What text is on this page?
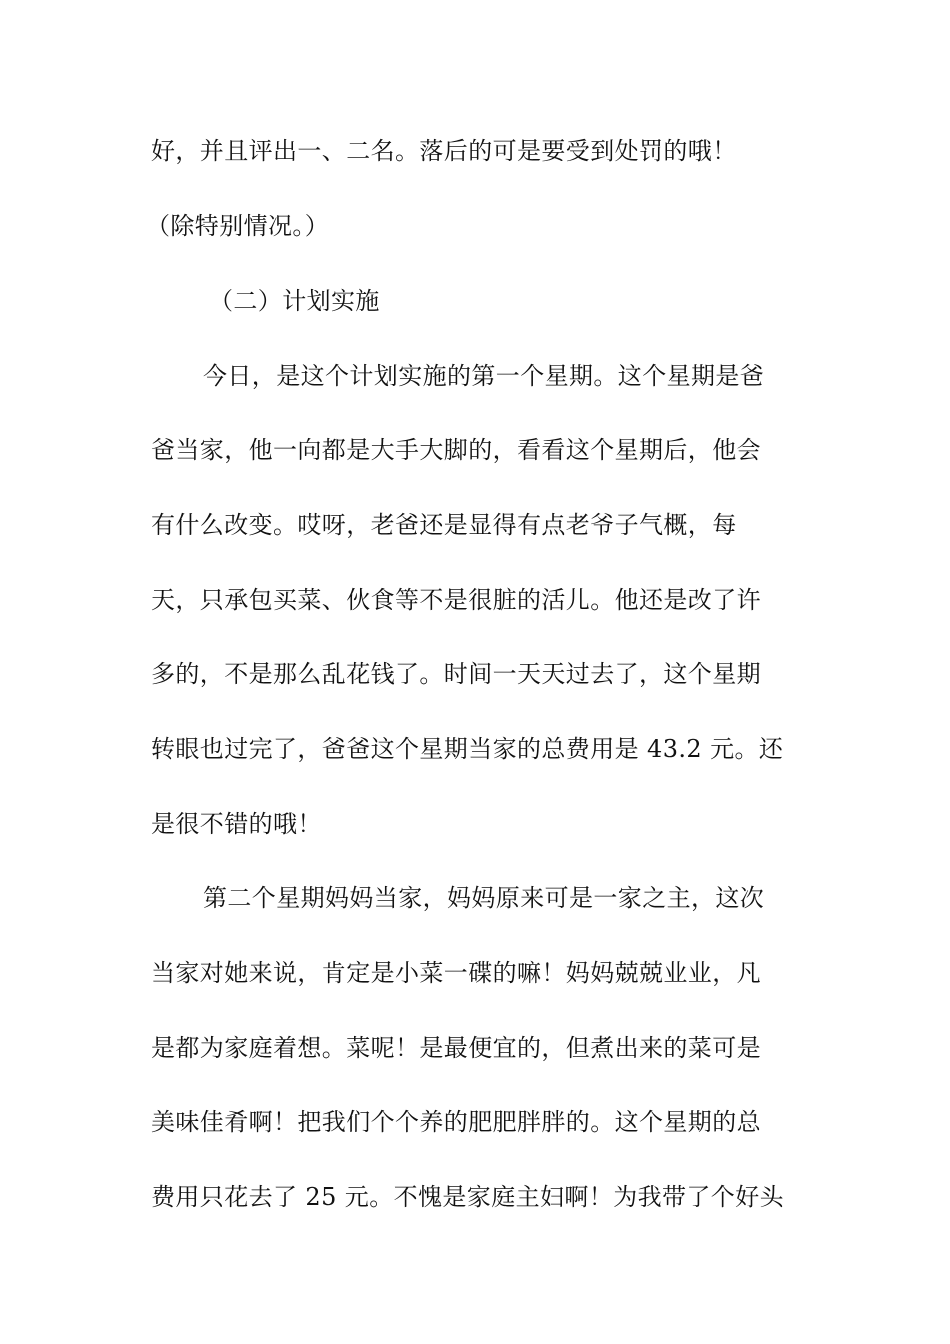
好，并且评出一、二名。落后的可是要受到处罚的哦！
（除特别情况。）
（二）计划实施
今日，是这个计划实施的第一个星期。这个星期是爸
爸当家，他一向都是大手大脚的，看看这个星期后，他会
有什么改变。哎呀，老爸还是显得有点老爷子气概，每
天，只承包买菜、伙食等不是很脏的活儿。他还是改了许
多的，不是那么乱花钱了。时间一天天过去了，这个星期
转眼也过完了，爸爸这个星期当家的总费用是 43.2 元。还
是很不错的哦！
第二个星期妈妈当家，妈妈原来可是一家之主，这次
当家对她来说，肯定是小菜一碟的嘛！妈妈兢兢业业，凡
是都为家庭着想。菜呢！是最便宜的，但煮出来的菜可是
美味佳肴啊！把我们个个养的肥肥胖胖的。这个星期的总
费用只花去了 25 元。不愧是家庭主妇啊！为我带了个好头
